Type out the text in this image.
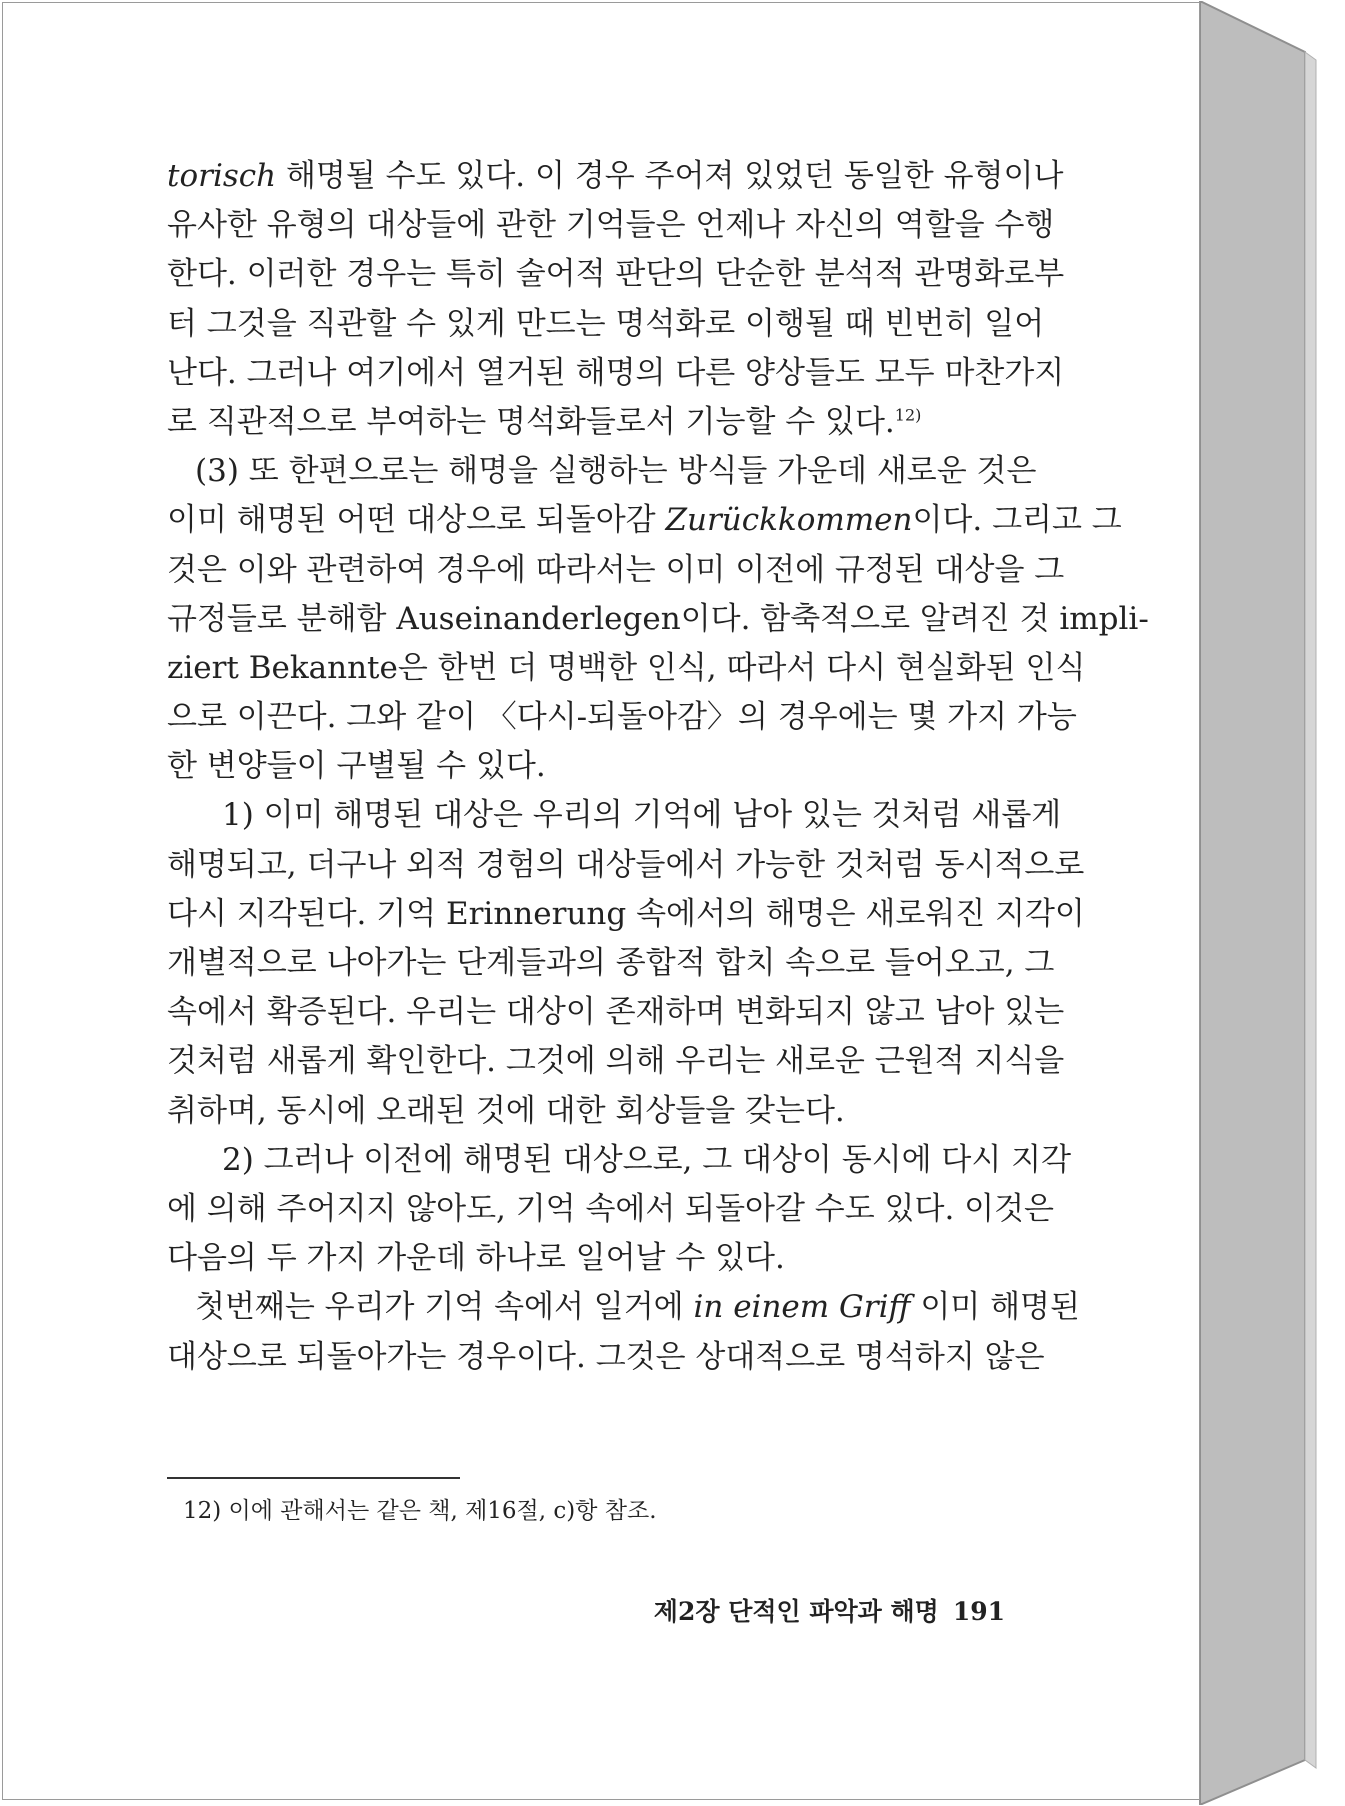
torisch 해명될 수도 있다. 이 경우 주어져 있었던 동일한 유형이나
유사한 유형의 대상들에 관한 기억들은 언제나 자신의 역할을 수행
한다. 이러한 경우는 특히 술어적 판단의 단순한 분석적 관명화로부
터 그것을 직관할 수 있게 만드는 명석화로 이행될 때 빈번히 일어
난다. 그러나 여기에서 열거된 해명의 다른 양상들도 모두 마찬가지
로 직관적으로 부여하는 명석화들로서 기능할 수 있다.$^{12)}$
(3) 또 한편으로는 해명을 실행하는 방식들 가운데 새로운 것은
이미 해명된 어떤 대상으로 되돌아감 Zurückkommen이다. 그리고 그
것은 이와 관련하여 경우에 따라서는 이미 이전에 규정된 대상을 그
규정들로 분해함 Auseinanderlegen이다. 함축적으로 알려진 것 impli-
ziert Bekannte은 한번 더 명백한 인식, 따라서 다시 현실화된 인식
으로 이끈다. 그와 같이 〈다시-되돌아감〉의 경우에는 몇 가지 가능
한 변양들이 구별될 수 있다.
1) 이미 해명된 대상은 우리의 기억에 남아 있는 것처럼 새롭게
해명되고, 더구나 외적 경험의 대상들에서 가능한 것처럼 동시적으로
다시 지각된다. 기억 Erinnerung 속에서의 해명은 새로워진 지각이
개별적으로 나아가는 단계들과의 종합적 합치 속으로 들어오고, 그
속에서 확증된다. 우리는 대상이 존재하며 변화되지 않고 남아 있는
것처럼 새롭게 확인한다. 그것에 의해 우리는 새로운 근원적 지식을
취하며, 동시에 오래된 것에 대한 회상들을 갖는다.
2) 그러나 이전에 해명된 대상으로, 그 대상이 동시에 다시 지각
에 의해 주어지지 않아도, 기억 속에서 되돌아갈 수도 있다. 이것은
다음의 두 가지 가운데 하나로 일어날 수 있다.
첫번째는 우리가 기억 속에서 일거에 in einem Griff 이미 해명된
대상으로 되돌아가는 경우이다. 그것은 상대적으로 명석하지 않은
12) 이에 관해서는 같은 책, 제16절, c)항 참조.
제2장 단적인 파악과 해명 191
